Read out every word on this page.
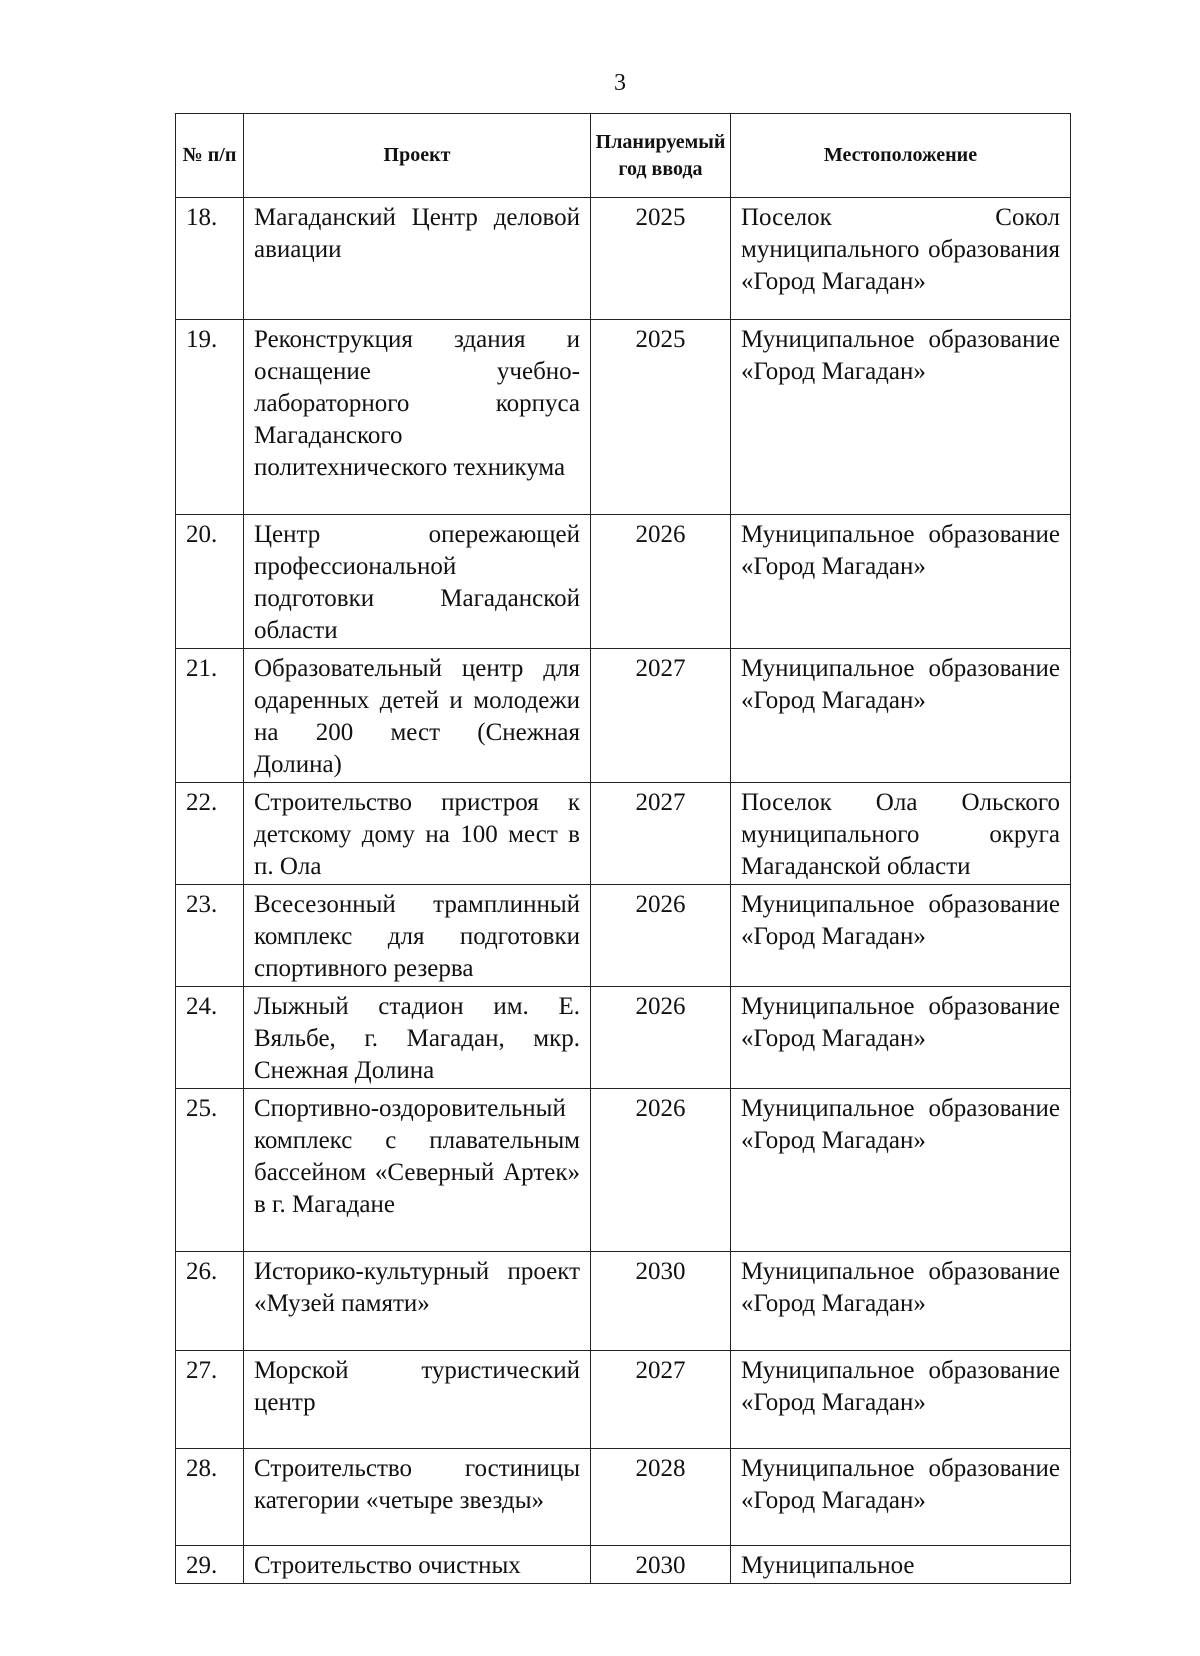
3
№ п/п	Проект	Планируемый год ввода	Местоположение
18.	Магаданский Центр деловой авиации	2025	Поселок Сокол муниципального образования «Город Магадан»
19.	Реконструкция здания и оснащение учебно-лабораторного корпуса Магаданского политехнического техникума	2025	Муниципальное образование «Город Магадан»
20.	Центр опережающей профессиональной подготовки Магаданской области	2026	Муниципальное образование «Город Магадан»
21.	Образовательный центр для одаренных детей и молодежи на 200 мест (Снежная Долина)	2027	Муниципальное образование «Город Магадан»
22.	Строительство пристроя к детскому дому на 100 мест в п. Ола	2027	Поселок Ола Ольского муниципального округа Магаданской области
23.	Всесезонный трамплинный комплекс для подготовки спортивного резерва	2026	Муниципальное образование «Город Магадан»
24.	Лыжный стадион им. Е. Вяльбе, г. Магадан, мкр. Снежная Долина	2026	Муниципальное образование «Город Магадан»
25.	Спортивно-оздоровительный комплекс с плавательным бассейном «Северный Артек» в г. Магадане	2026	Муниципальное образование «Город Магадан»
26.	Историко-культурный проект «Музей памяти»	2030	Муниципальное образование «Город Магадан»
27.	Морской туристический центр	2027	Муниципальное образование «Город Магадан»
28.	Строительство гостиницы категории «четыре звезды»	2028	Муниципальное образование «Город Магадан»
29.	Строительство очистных	2030	Муниципальное
